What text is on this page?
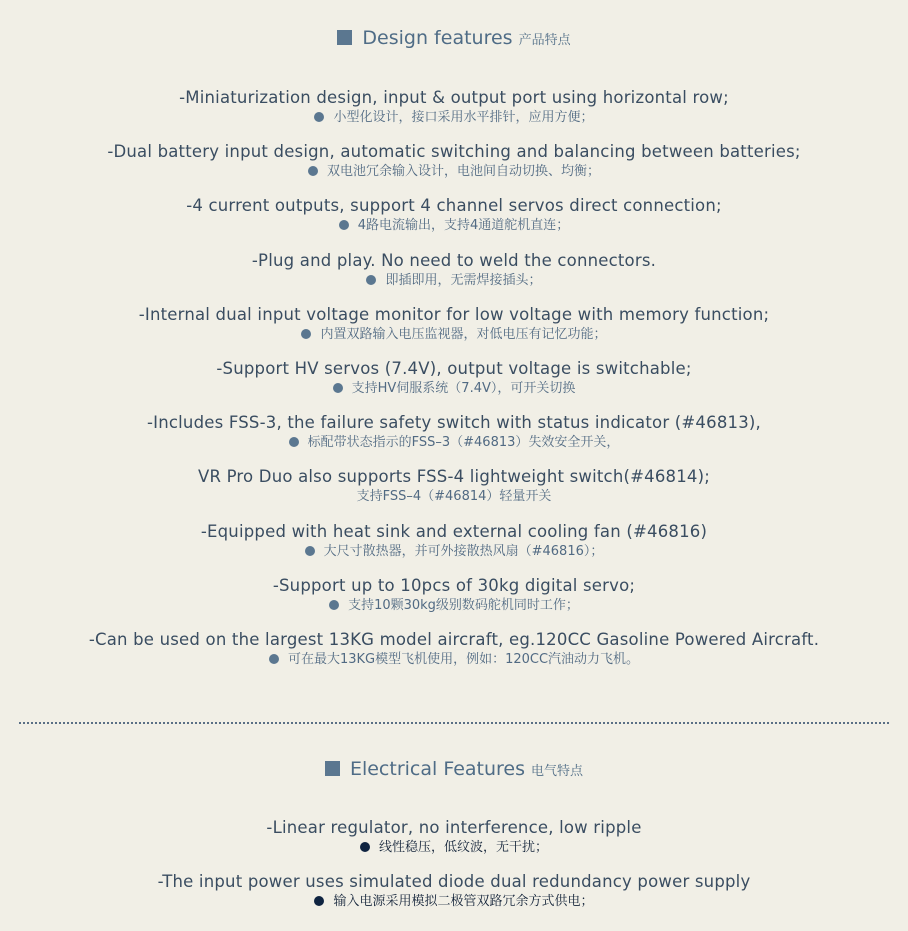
Design features 产品特点
-Miniaturization design, input & output port using horizontal row;
小型化设计，接口采用水平排针，应用方便；
-Dual battery input design, automatic switching and balancing between batteries;
双电池冗余输入设计，电池间自动切换、均衡；
-4 current outputs, support 4 channel servos direct connection;
4路电流输出，支持4通道舵机直连；
-Plug and play. No need to weld the connectors.
即插即用，无需焊接插头；
-Internal dual input voltage monitor for low voltage with memory function;
内置双路输入电压监视器，对低电压有记忆功能；
-Support HV servos (7.4V), output voltage is switchable;
支持HV伺服系统（7.4V），可开关切换
-Includes FSS-3, the failure safety switch with status indicator (#46813),
标配带状态指示的FSS–3（#46813）失效安全开关，
VR Pro Duo also supports FSS-4 lightweight switch(#46814);
支持FSS–4（#46814）轻量开关
-Equipped with heat sink and external cooling fan (#46816)
大尺寸散热器，并可外接散热风扇（#46816）；
-Support up to 10pcs of 30kg digital servo;
支持10颗30kg级别数码舵机同时工作；
-Can be used on the largest 13KG model aircraft, eg.120CC Gasoline Powered Aircraft.
可在最大13KG模型飞机使用，例如：120CC汽油动力飞机。
Electrical Features 电气特点
-Linear regulator, no interference, low ripple
线性稳压，低纹波，无干扰；
-The input power uses simulated diode dual redundancy power supply
输入电源采用模拟二极管双路冗余方式供电；
